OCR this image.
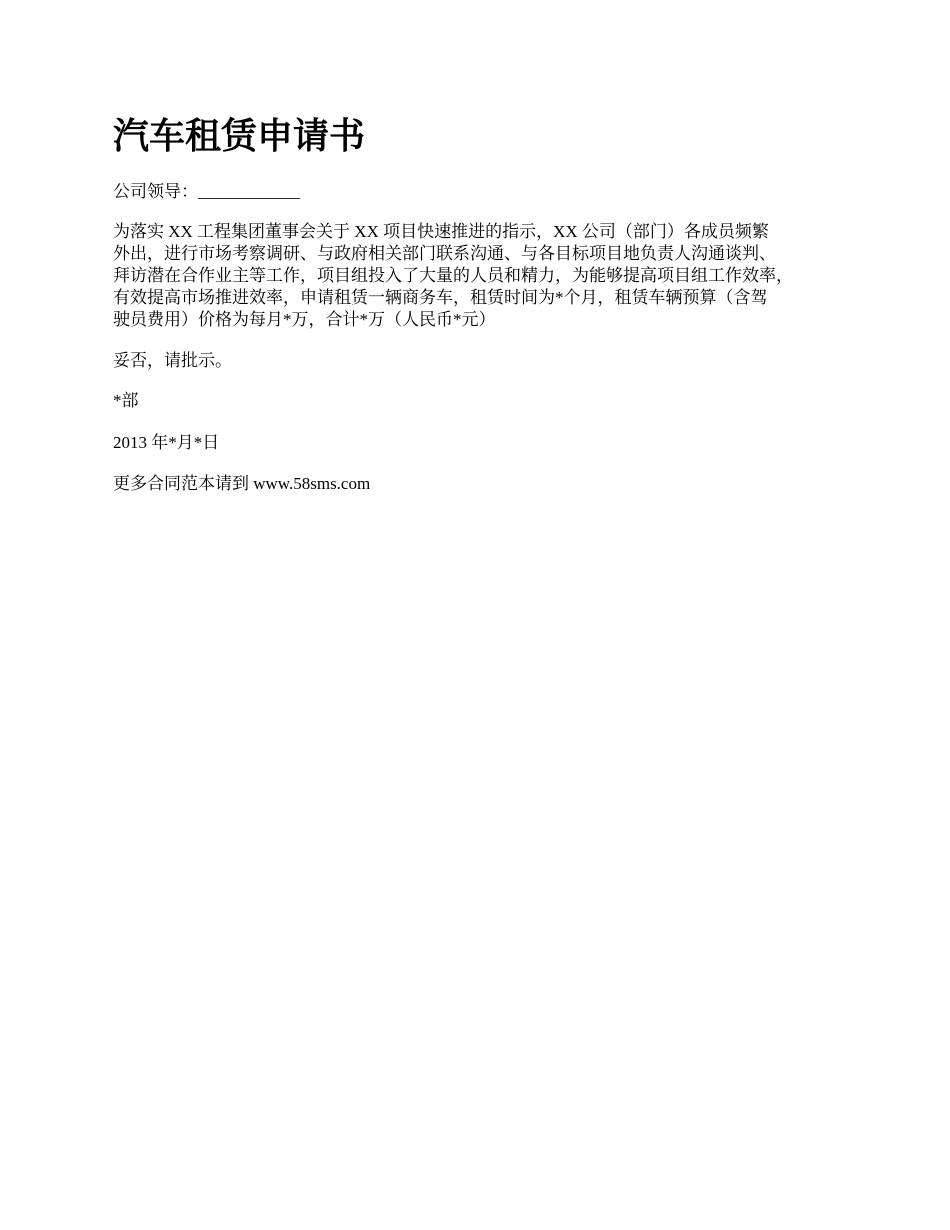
汽车租赁申请书

公司领导：____________

为落实 XX 工程集团董事会关于 XX 项目快速推进的指示，XX 公司（部门）各成员频繁
外出，进行市场考察调研、与政府相关部门联系沟通、与各目标项目地负责人沟通谈判、
拜访潜在合作业主等工作，项目组投入了大量的人员和精力，为能够提高项目组工作效率，
有效提高市场推进效率，申请租赁一辆商务车，租赁时间为*个月，租赁车辆预算（含驾
驶员费用）价格为每月*万，合计*万（人民币*元）

妥否，请批示。

*部

2013 年*月*日

更多合同范本请到 www.58sms.com
